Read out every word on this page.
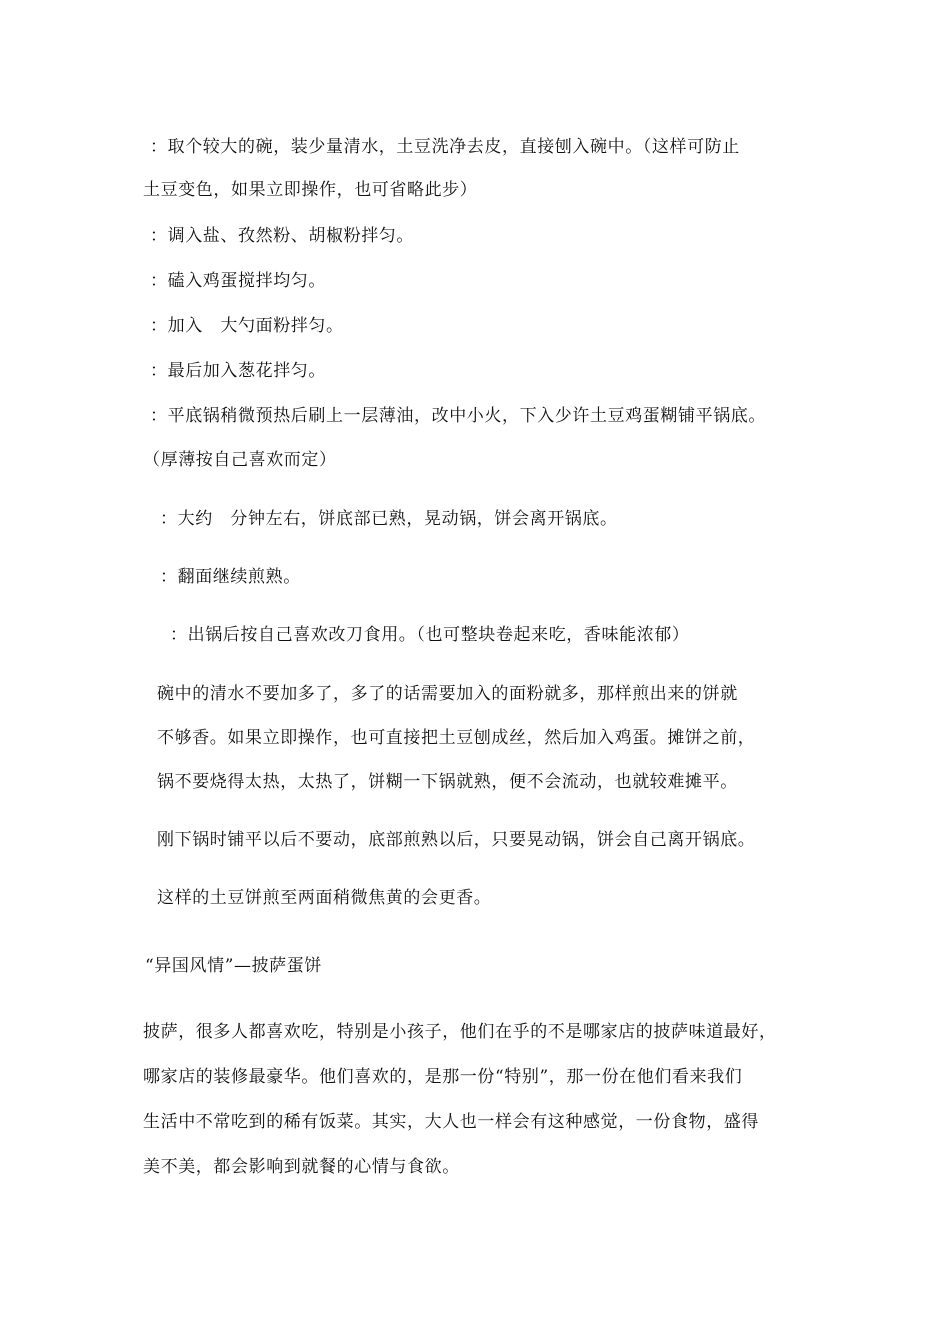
：取个较大的碗，装少量清水，土豆洗净去皮，直接刨入碗中。（这样可防止
土豆变色，如果立即操作，也可省略此步）
：调入盐、孜然粉、胡椒粉拌匀。
：磕入鸡蛋搅拌均匀。
：加入　大勺面粉拌匀。
：最后加入葱花拌匀。
：平底锅稍微预热后刷上一层薄油，改中小火，下入少许土豆鸡蛋糊铺平锅底。
（厚薄按自己喜欢而定）
：大约　分钟左右，饼底部已熟，晃动锅，饼会离开锅底。
：翻面继续煎熟。
：出锅后按自己喜欢改刀食用。（也可整块卷起来吃，香味能浓郁）
碗中的清水不要加多了，多了的话需要加入的面粉就多，那样煎出来的饼就
不够香。如果立即操作，也可直接把土豆刨成丝，然后加入鸡蛋。摊饼之前，
锅不要烧得太热，太热了，饼糊一下锅就熟，便不会流动，也就较难摊平。
刚下锅时铺平以后不要动，底部煎熟以后，只要晃动锅，饼会自己离开锅底。
这样的土豆饼煎至两面稍微焦黄的会更香。
“异国风情”—披萨蛋饼
披萨，很多人都喜欢吃，特别是小孩子，他们在乎的不是哪家店的披萨味道最好，
哪家店的装修最豪华。他们喜欢的，是那一份“特别”，那一份在他们看来我们
生活中不常吃到的稀有饭菜。其实，大人也一样会有这种感觉，一份食物，盛得
美不美，都会影响到就餐的心情与食欲。
